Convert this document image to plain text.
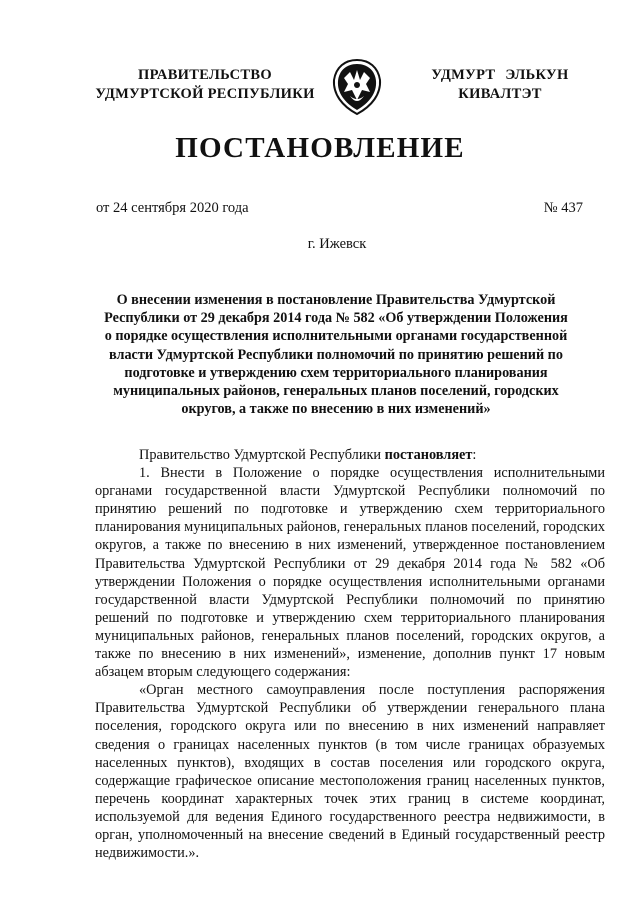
ПРАВИТЕЛЬСТВО
УДМУРТСКОЙ РЕСПУБЛИКИ
УДМУРТ ЭЛЬКУН
КИВАЛТЭТ
ПОСТАНОВЛЕНИЕ
от 24 сентября 2020 года	№ 437
г. Ижевск
О внесении изменения в постановление Правительства Удмуртской Республики от 29 декабря 2014 года № 582 «Об утверждении Положения о порядке осуществления исполнительными органами государственной власти Удмуртской Республики полномочий по принятию решений по подготовке и утверждению схем территориального планирования муниципальных районов, генеральных планов поселений, городских округов, а также по внесению в них изменений»

Правительство Удмуртской Республики постановляет:

1. Внести в Положение о порядке осуществления исполнительными органами государственной власти Удмуртской Республики полномочий по принятию решений по подготовке и утверждению схем территориального планирования муниципальных районов, генеральных планов поселений, городских округов, а также по внесению в них изменений, утвержденное постановлением Правительства Удмуртской Республики от 29 декабря 2014 года № 582 «Об утверждении Положения о порядке осуществления исполнительными органами государственной власти Удмуртской Республики полномочий по принятию решений по подготовке и утверждению схем территориального планирования муниципальных районов, генеральных планов поселений, городских округов, а также по внесению в них изменений», изменение, дополнив пункт 17 новым абзацем вторым следующего содержания:

«Орган местного самоуправления после поступления распоряжения Правительства Удмуртской Республики об утверждении генерального плана поселения, городского округа или по внесению в них изменений направляет сведения о границах населенных пунктов (в том числе границах образуемых населенных пунктов), входящих в состав поселения или городского округа, содержащие графическое описание местоположения границ населенных пунктов, перечень координат характерных точек этих границ в системе координат, используемой для ведения Единого государственного реестра недвижимости, в орган, уполномоченный на внесение сведений в Единый государственный реестр недвижимости.».
